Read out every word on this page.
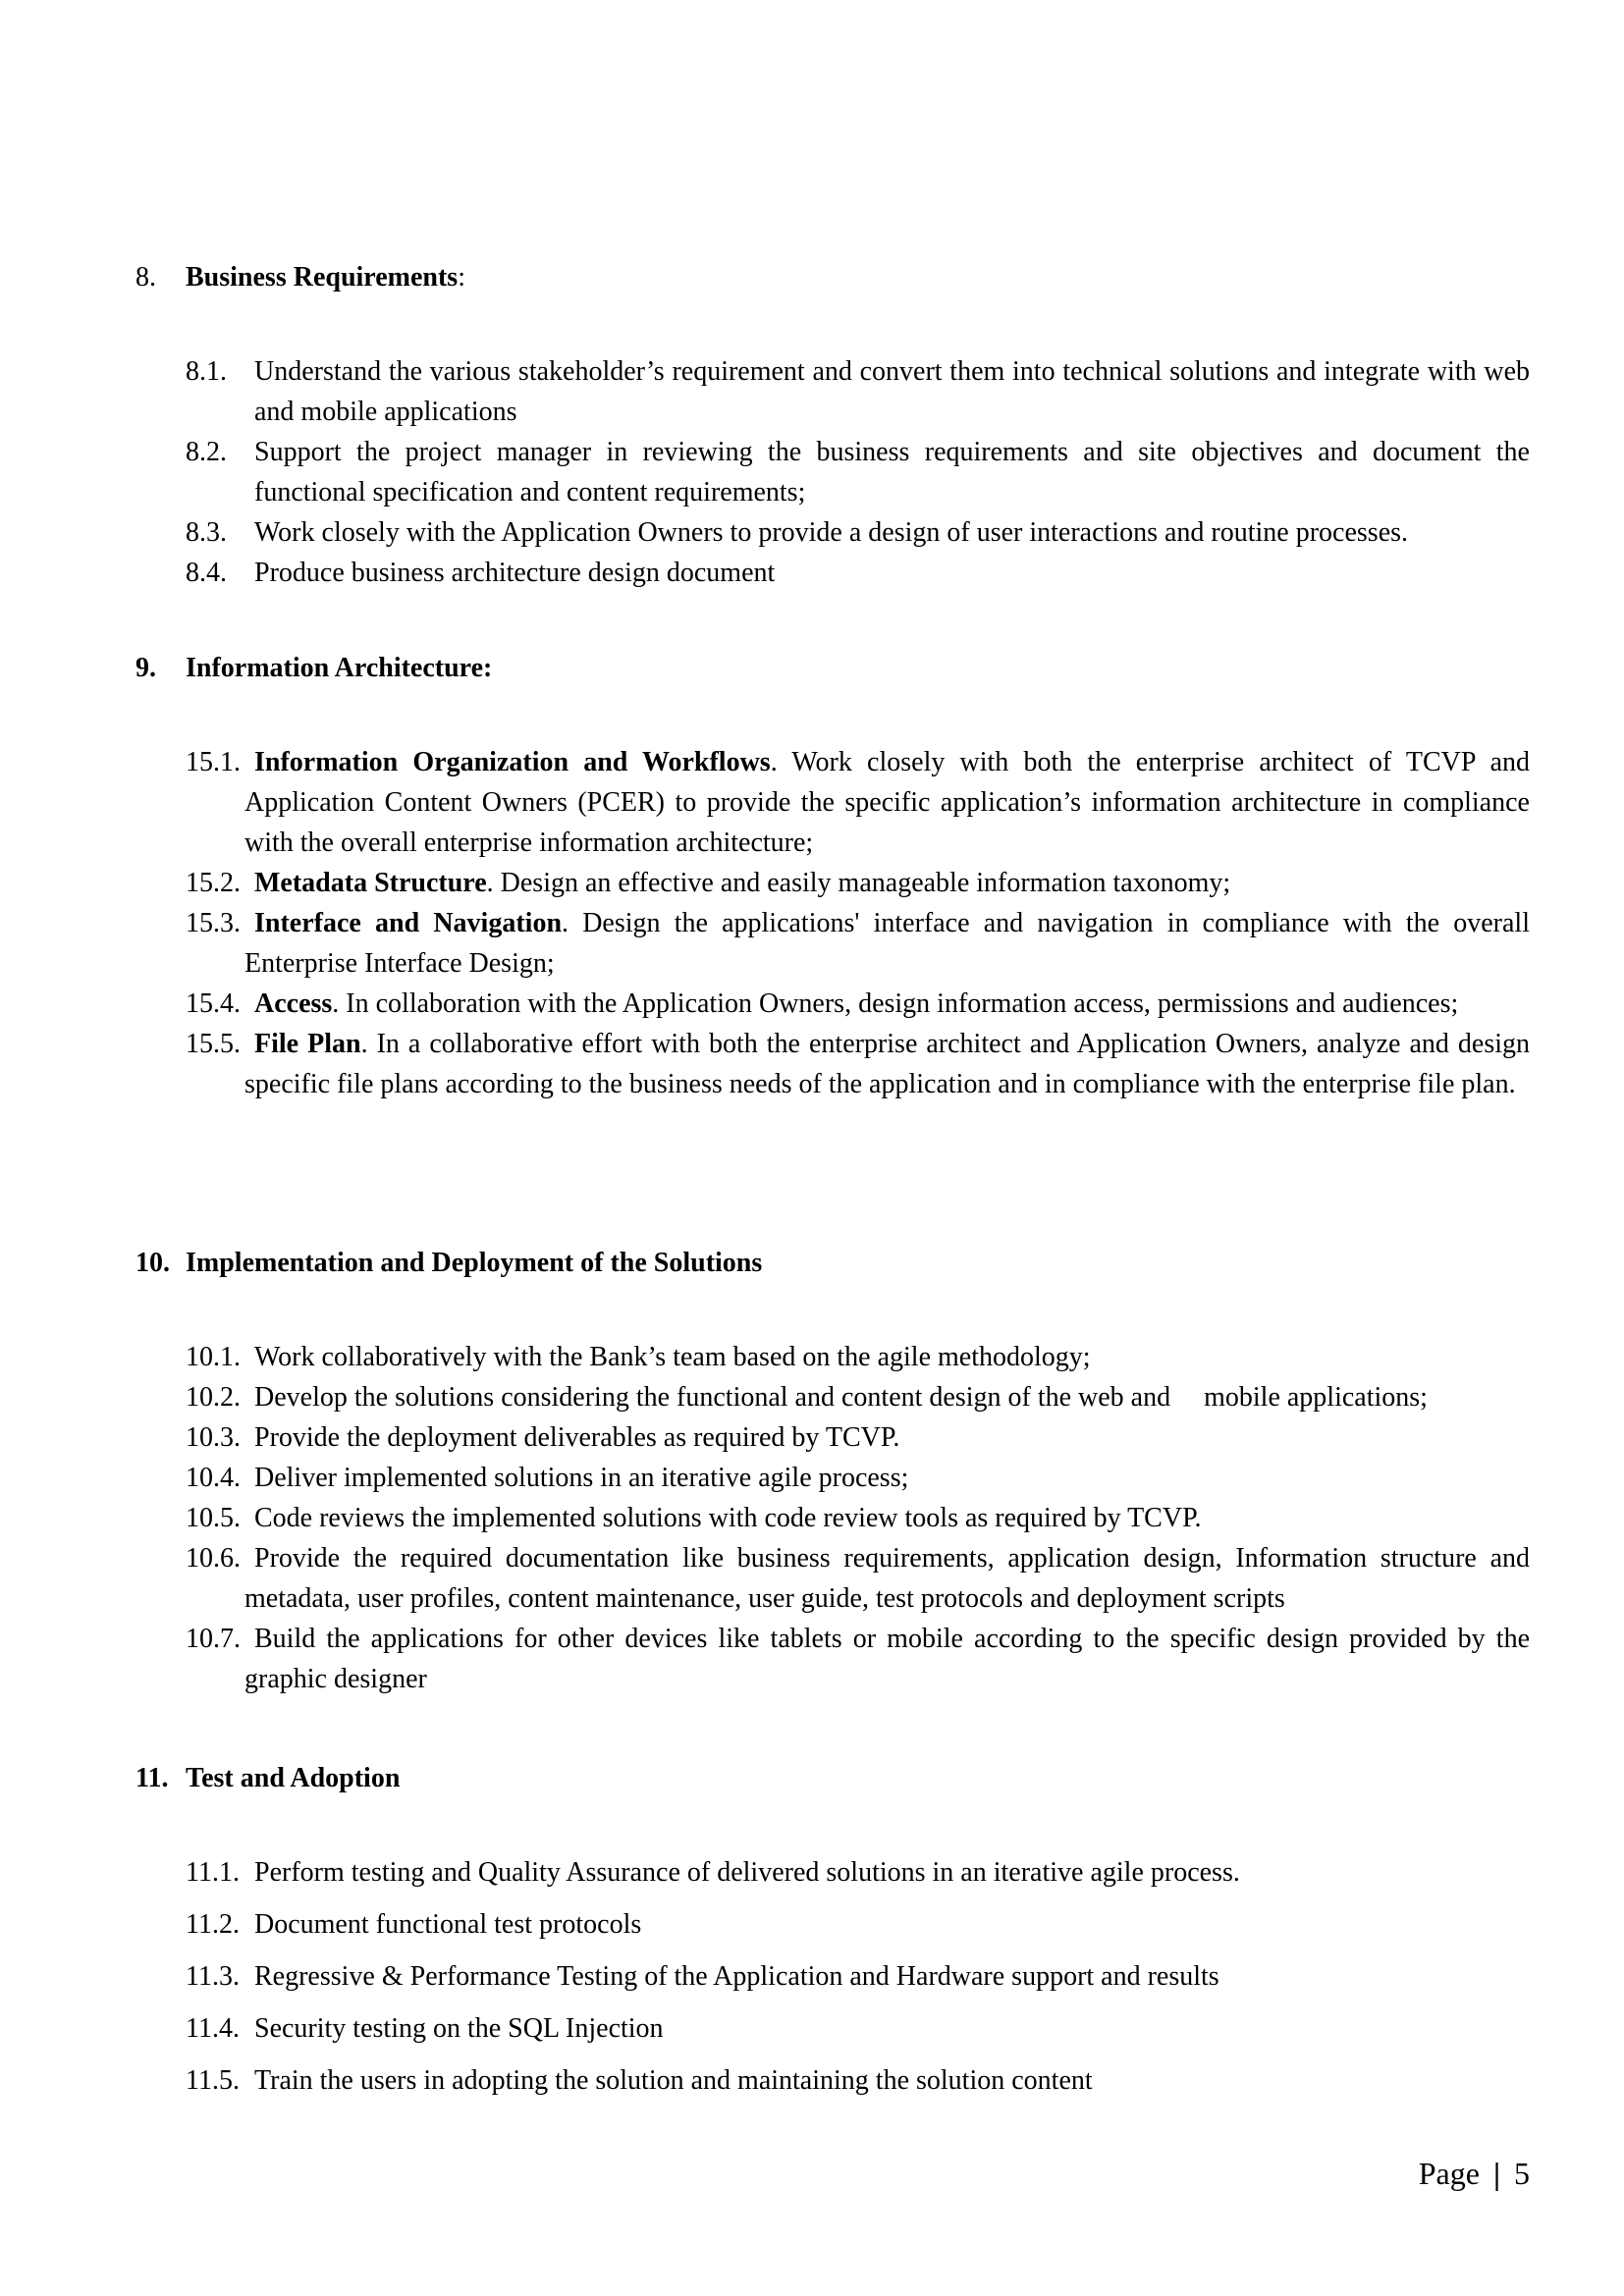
8. Business Requirements:
8.1. Understand the various stakeholder’s requirement and convert them into technical solutions and integrate with web and mobile applications
8.2. Support the project manager in reviewing the business requirements and site objectives and document the functional specification and content requirements;
8.3. Work closely with the Application Owners to provide a design of user interactions and routine processes.
8.4. Produce business architecture design document
9. Information Architecture:
15.1. Information Organization and Workflows. Work closely with both the enterprise architect of TCVP and Application Content Owners (PCER) to provide the specific application’s information architecture in compliance with the overall enterprise information architecture;
15.2. Metadata Structure. Design an effective and easily manageable information taxonomy;
15.3. Interface and Navigation. Design the applications' interface and navigation in compliance with the overall Enterprise Interface Design;
15.4. Access. In collaboration with the Application Owners, design information access, permissions and audiences;
15.5. File Plan. In a collaborative effort with both the enterprise architect and Application Owners, analyze and design specific file plans according to the business needs of the application and in compliance with the enterprise file plan.
10. Implementation and Deployment of the Solutions
10.1. Work collaboratively with the Bank’s team based on the agile methodology;
10.2. Develop the solutions considering the functional and content design of the web and mobile applications;
10.3. Provide the deployment deliverables as required by TCVP.
10.4. Deliver implemented solutions in an iterative agile process;
10.5. Code reviews the implemented solutions with code review tools as required by TCVP.
10.6. Provide the required documentation like business requirements, application design, Information structure and metadata, user profiles, content maintenance, user guide, test protocols and deployment scripts
10.7. Build the applications for other devices like tablets or mobile according to the specific design provided by the graphic designer
11. Test and Adoption
11.1. Perform testing and Quality Assurance of delivered solutions in an iterative agile process.
11.2. Document functional test protocols
11.3. Regressive & Performance Testing of the Application and Hardware support and results
11.4. Security testing on the SQL Injection
11.5. Train the users in adopting the solution and maintaining the solution content
Page | 5
